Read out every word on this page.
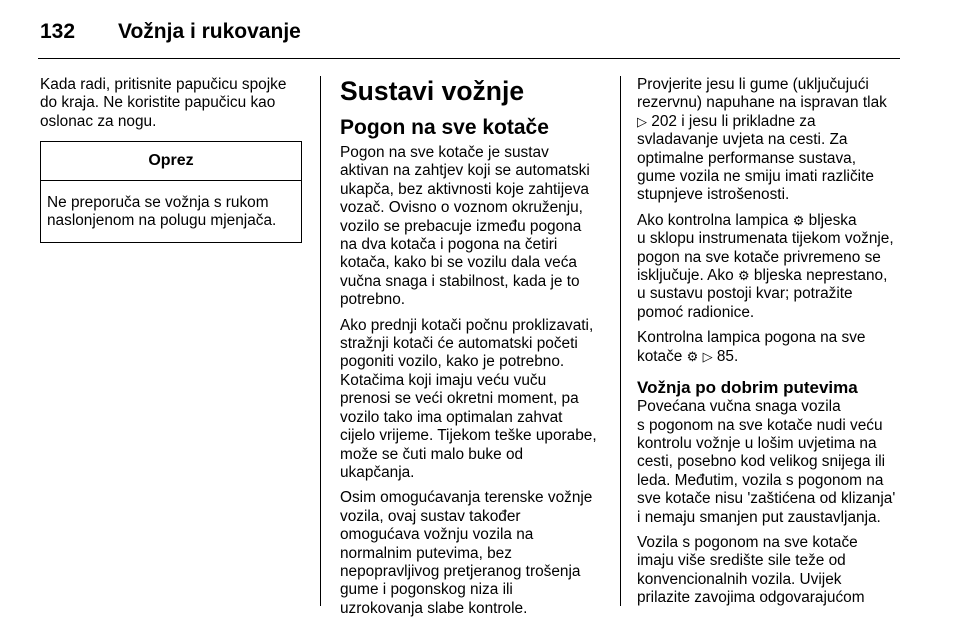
132 Vožnja i rukovanje

Kada radi, pritisnite papučicu spojke
do kraja. Ne koristite papučicu kao
oslonac za nogu.

Oprez
Ne preporuča se vožnja s rukom
naslonjenom na polugu mjenjača.
Sustavi vožnje
Pogon na sve kotače

Pogon na sve kotače je sustav
aktivan na zahtjev koji se automatski
ukapča, bez aktivnosti koje zahtijeva
vozač. Ovisno o voznom okruženju,
vozilo se prebacuje između pogona
na dva kotača i pogona na četiri
kotača, kako bi se vozilu dala veća
vučna snaga i stabilnost, kada je to
potrebno.

Ako prednji kotači počnu proklizavati,
stražnji kotači će automatski početi
pogoniti vozilo, kako je potrebno.
Kotačima koji imaju veću vuču
prenosi se veći okretni moment, pa
vozilo tako ima optimalan zahvat
cijelo vrijeme. Tijekom teške uporabe,
može se čuti malo buke od
ukapčanja.

Osim omogućavanja terenske vožnje
vozila, ovaj sustav također
omogućava vožnju vozila na
normalnim putevima, bez
nepopravljivog pretjeranog trošenja
gume i pogonskog niza ili
uzrokovanja slabe kontrole.

Provjerite jesu li gume (uključujući
rezervnu) napuhane na ispravan tlak
▷ 202 i jesu li prikladne za
svladavanje uvjeta na cesti. Za
optimalne performanse sustava,
gume vozila ne smiju imati različite
stupnjeve istrošenosti.

Ako kontrolna lampica ⚙ bljeska
u sklopu instrumenata tijekom vožnje,
pogon na sve kotače privremeno se
isključuje. Ako ⚙ bljeska neprestano,
u sustavu postoji kvar; potražite
pomoć radionice.

Kontrolna lampica pogona na sve
kotače ⚙ ▷ 85.

Vožnja po dobrim putevima

Povećana vučna snaga vozila
s pogonom na sve kotače nudi veću
kontrolu vožnje u lošim uvjetima na
cesti, posebno kod velikog snijega ili
leda. Međutim, vozila s pogonom na
sve kotače nisu 'zaštićena od klizanja'
i nemaju smanjen put zaustavljanja.

Vozila s pogonom na sve kotače
imaju više središte sile teže od
konvencionalnih vozila. Uvijek
prilazite zavojima odgovarajućom
